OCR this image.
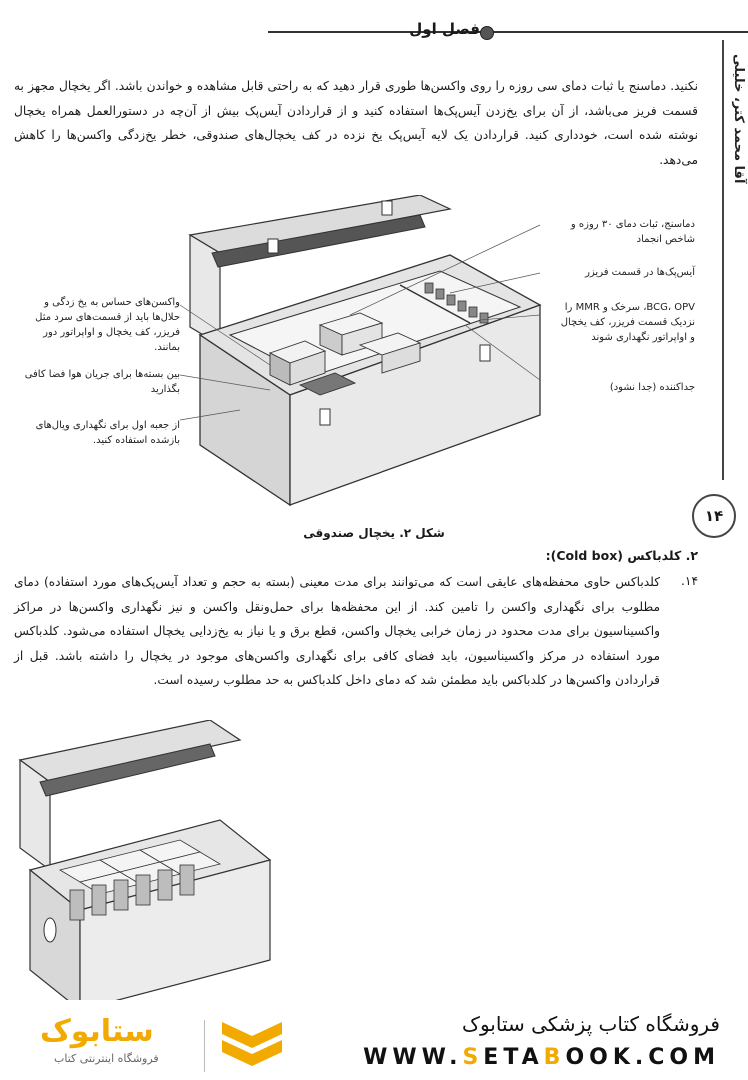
فصل اول
آقا محمد کتر، خلیلی
۱۴
نکنید. دماسنج یا ثبات دمای سی روزه را روی واکسن‌ها طوری قرار دهید که به راحتی قابل مشاهده و خواندن باشد. اگر یخچال مجهز به قسمت فریز می‌باشد، از آن برای یخ‌زدن آیس‌پک‌ها استفاده کنید و از قراردادن آیس‌پک بیش از آن‌چه در دستورالعمل همراه یخچال نوشته شده است، خودداری کنید. قراردادن یک لایه آیس‌پک یخ نزده در کف یخچال‌های صندوقی، خطر یخ‌زدگی واکسن‌ها را کاهش می‌دهد.
دماسنج، ثبات دمای ۳۰ روزه و شاخص انجماد
آیس‌پک‌ها در قسمت فریزر
BCG، OPV، سرخک و MMR را نزدیک قسمت فریزر، کف یخچال و اواپراتور نگهداری شوند
جداکننده (جدا نشود)
واکسن‌های حساس به یخ زدگی و حلال‌ها باید از قسمت‌های سرد مثل فریزر، کف یخچال و اواپراتور دور بمانند.
بین بسته‌ها برای جریان هوا فضا کافی بگذارید
از جعبه اول برای نگهداری ویال‌های بازشده استفاده کنید.
شکل ۲. یخچال صندوقی
۲. کلدباکس (Cold box):
۱۴.
کلدباکس حاوی محفظه‌های عایقی است که می‌توانند برای مدت معینی (بسته به حجم و تعداد آیس‌پک‌های مورد استفاده) دمای مطلوب برای نگهداری واکسن را تامین کند. از این محفظه‌ها برای حمل‌ونقل واکسن و نیز نگهداری واکسن‌ها در مراکز واکسیناسیون برای مدت محدود در زمان خرابی یخچال واکسن، قطع برق و یا نیاز به یخ‌زدایی یخچال استفاده می‌شود. کلدباکس مورد استفاده در مرکز واکسیناسیون، باید فضای کافی برای نگهداری واکسن‌های موجود در یخچال را داشته باشد. قبل از قراردادن واکسن‌ها در کلدباکس باید مطمئن شد که دمای داخل کلدباکس به حد مطلوب رسیده است.
فروشگاه کتاب پزشکی ستابوک
WWW.SETABOOK.COM
ستابوک
فروشگاه اینترنتی کتاب
